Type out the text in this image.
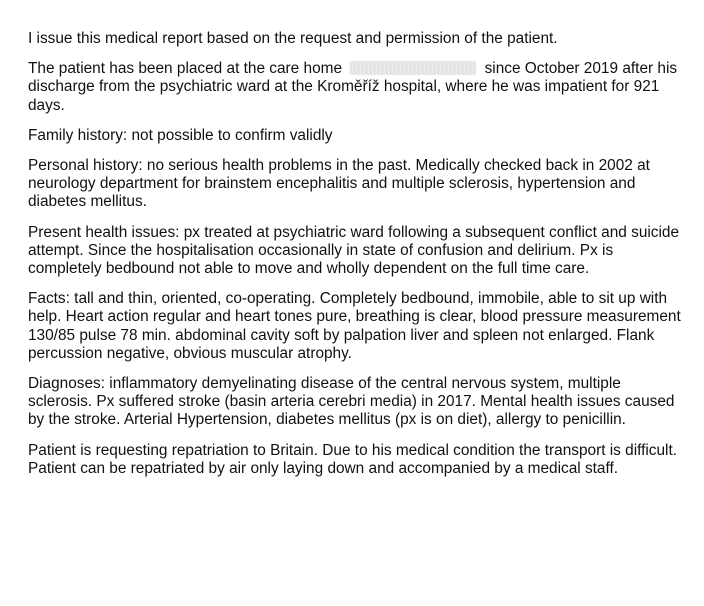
I issue this medical report based on the request and permission of the patient.

The patient has been placed at the care home	since October 2019 after his discharge from the psychiatric ward at the Kroměříž hospital, where he was impatient for 921 days.

Family history: not possible to confirm validly

Personal history: no serious health problems in the past. Medically checked back in 2002 at neurology department for brainstem encephalitis and multiple sclerosis, hypertension and diabetes mellitus.

Present health issues: px treated at psychiatric ward following a subsequent conflict and suicide attempt. Since the hospitalisation occasionally in state of confusion and delirium. Px is completely bedbound not able to move and wholly dependent on the full time care.

Facts: tall and thin, oriented, co-operating. Completely bedbound, immobile, able to sit up with help. Heart action regular and heart tones pure, breathing is clear, blood pressure measurement 130/85 pulse 78 min. abdominal cavity soft by palpation liver and spleen not enlarged. Flank percussion negative, obvious muscular atrophy.

Diagnoses: inflammatory demyelinating disease of the central nervous system, multiple sclerosis. Px suffered stroke (basin arteria cerebri media) in 2017. Mental health issues caused by the stroke. Arterial Hypertension, diabetes mellitus (px is on diet), allergy to penicillin.

Patient is requesting repatriation to Britain. Due to his medical condition the transport is difficult. Patient can be repatriated by air only laying down and accompanied by a medical staff.
